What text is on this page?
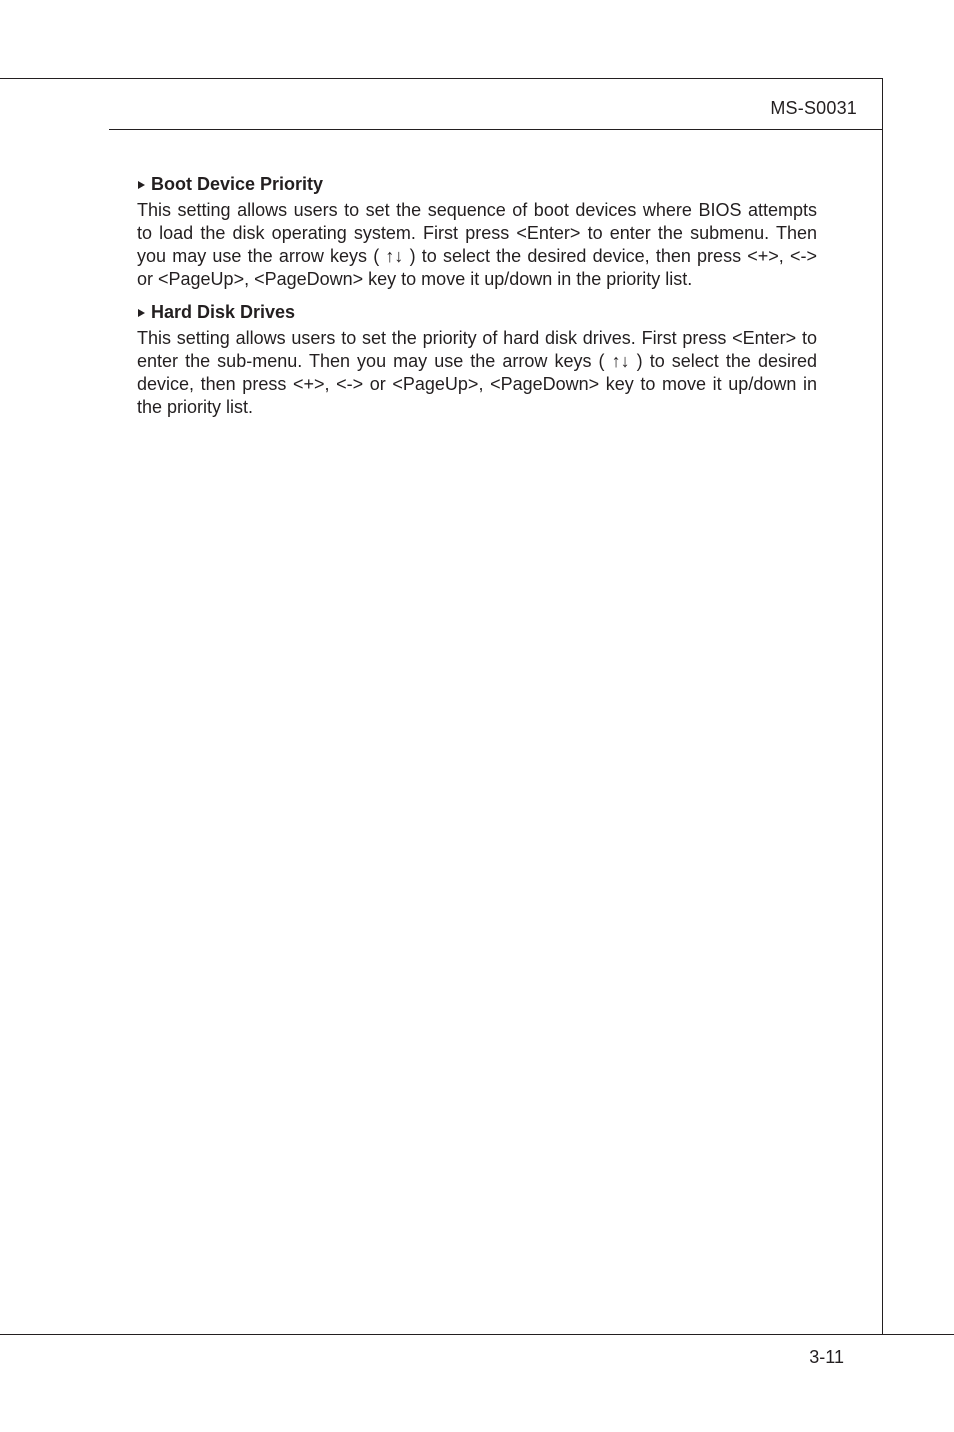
MS-S0031
Boot Device Priority

This setting allows users to set the sequence of boot devices where BIOS attempts to load the disk operating system. First press <Enter> to enter the submenu. Then you may use the arrow keys ( ↑↓ ) to select the desired device, then press <+>, <-> or <PageUp>, <PageDown> key to move it up/down in the priority list.

Hard Disk Drives

This setting allows users to set the priority of hard disk drives. First press <Enter> to enter the sub-menu. Then you may use the arrow keys ( ↑↓ ) to select the desired device, then press <+>, <-> or <PageUp>, <PageDown> key to move it up/down in the priority list.

3-11
